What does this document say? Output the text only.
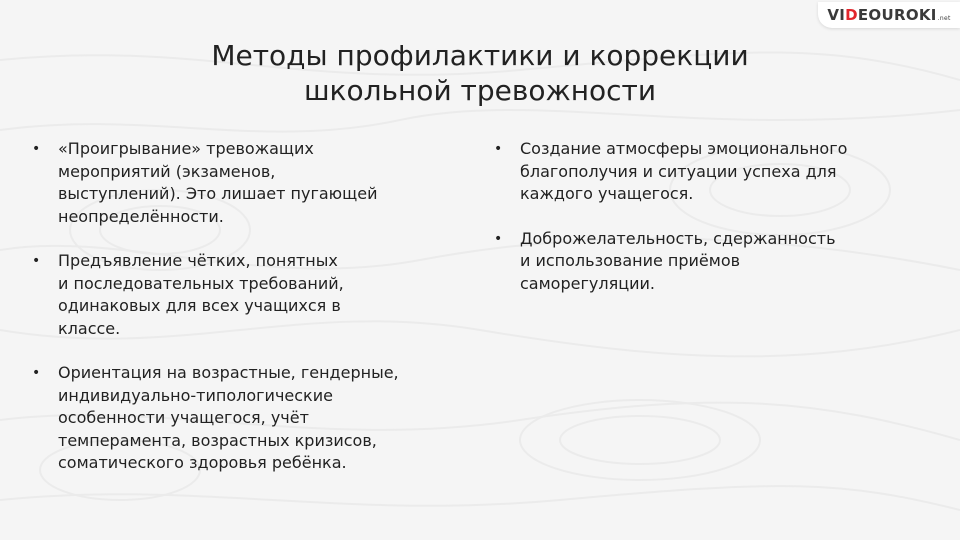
VI D EOUROKI .net
Методы профилактики и коррекции
школьной тревожности
• «Проигрывание» тревожащих
мероприятий (экзаменов,
выступлений). Это лишает пугающей
неопределённости.
• Предъявление чётких, понятных
и последовательных требований,
одинаковых для всех учащихся в
классе.
• Ориентация на возрастные, гендерные,
индивидуально-типологические
особенности учащегося, учёт
темперамента, возрастных кризисов,
соматического здоровья ребёнка.
• Создание атмосферы эмоционального
благополучия и ситуации успеха для
каждого учащегося.
• Доброжелательность, сдержанность
и использование приёмов
саморегуляции.
